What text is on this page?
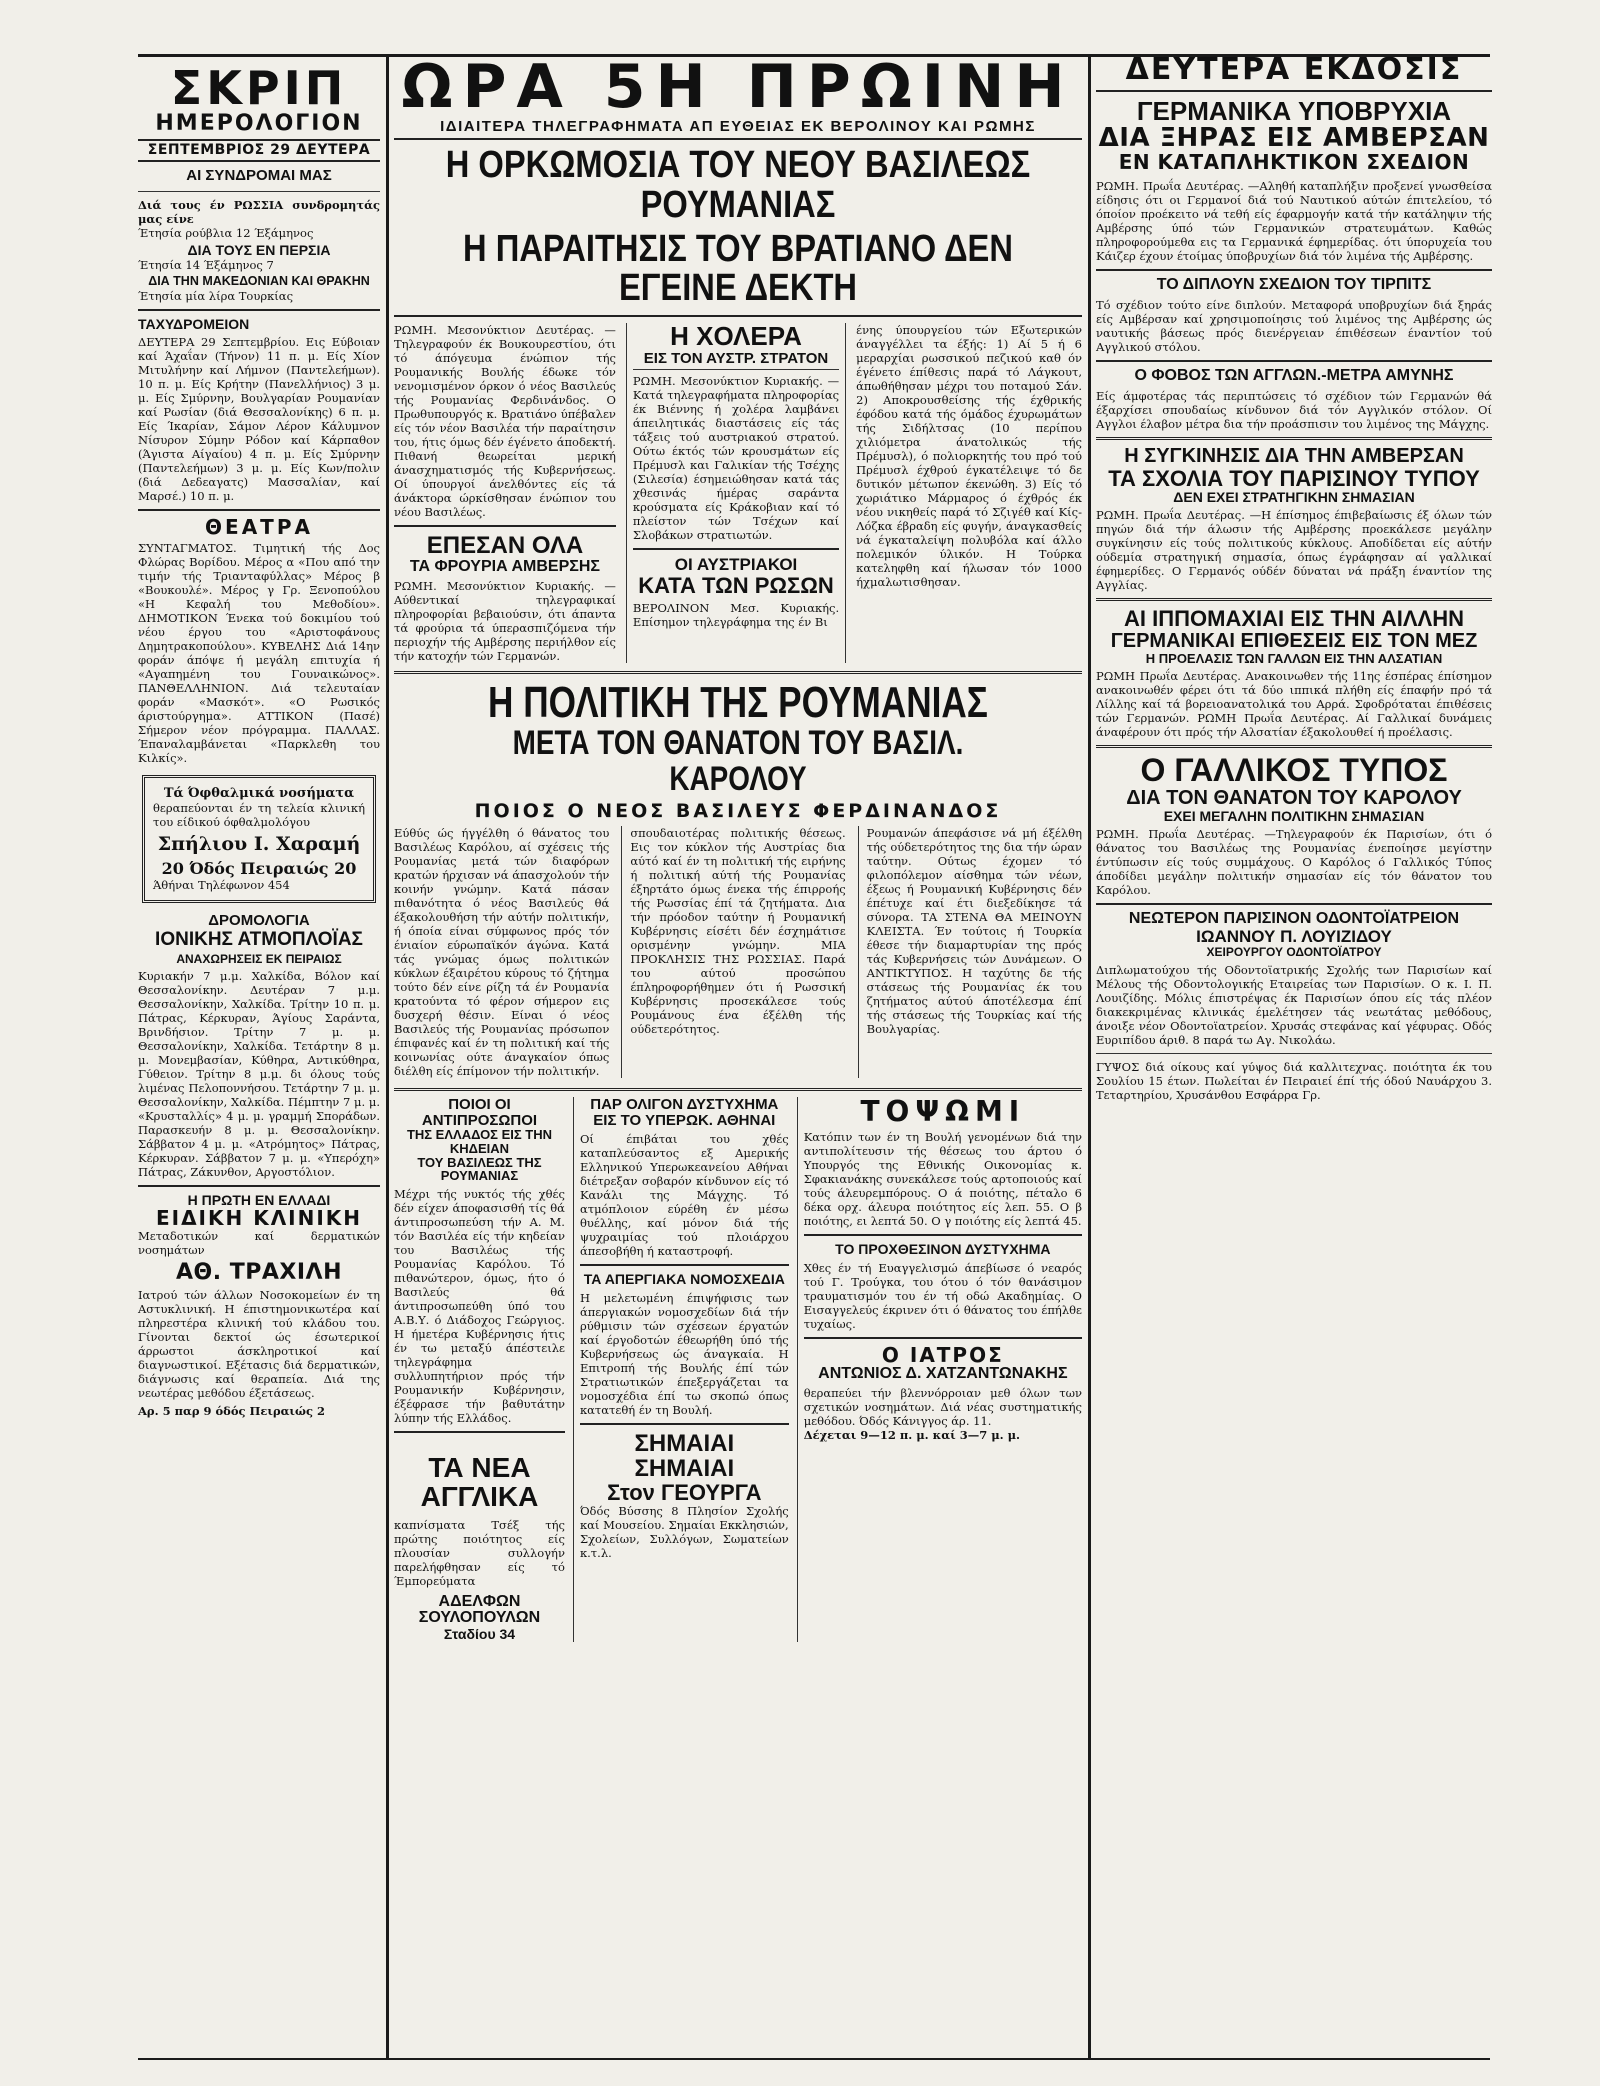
ΣΚΡΙΠ
ΗΜΕΡΟΛΟΓΙΟΝ
ΣΕΠΤΕΜΒΡΙΟΣ 29 ΔΕΥΤΕΡΑ
ΑΙ ΣΥΝΔΡΟΜΑΙ ΜΑΣ
Διά τους έν ΡΩΣΣΙΑ συνδρομητάς μας είνε
Έτησία ρούβλια 12 Έξάμηνος
ΔΙΑ ΤΟΥΣ ΕΝ ΠΕΡΣΙΑ
Έτησία 14 Έξάμηνος 7
ΔΙΑ ΤΗΝ ΜΑΚΕΔΟΝΙΑΝ ΚΑΙ ΘΡΑΚΗΝ
Έτησία μία λίρα Τουρκίας
ΤΑΧΥΔΡΟΜΕΙΟΝ

ΔΕΥΤΕΡΑ 29 Σεπτεμβρίου. Εις Εύβοιαν καί Άχαΐαν (Τήνον) 11 π. μ. Είς Χίον Μιτυλήνην καί Λήμνον (Παντελεήμων). 10 π. μ. Είς Κρήτην (Πανελλήνιος) 3 μ. μ. Είς Σμύρνην, Βουλγαρίαν Ρουμανίαν καί Ρωσίαν (διά Θεσσαλονίκης) 6 π. μ. Είς Ίκαρίαν, Σάμον Λέρον Κάλυμνον Νίσυρον Σύμην Ρόδον καί Κάρπαθον (Άγιστα Αίγαίου) 4 π. μ. Είς Σμύρνην (Παντελεήμων) 3 μ. μ. Είς Κων/πολιν (διά Δεδεαγατς) Μασσαλίαν, καί Μαρσέ.) 10 π. μ.

ΘΕΑΤΡΑ

ΣΥΝΤΑΓΜΑΤΟΣ. Τιμητική τής Δος Φλώρας Βορίδου. Μέρος α «Που από την τιμήν τής Τριανταφύλλας» Μέρος β «Βουκουλέ». Μέρος γ Γρ. Ξενοπούλου «Η Κεφαλή του Μεθοδίου». ΔΗΜΟΤΙΚΟΝ Ένεκα τού δοκιμίου τού νέου έργου του «Αριστοφάνους Δημητρακοπούλου». ΚΥΒΕΛΗΣ Διά 14ην φοράν άπόψε ή μεγάλη επιτυχία ή «Αγαπημένη του Γουναικώνος». ΠΑΝΘΕΛΛΗΝΙΟΝ. Διά τελευταίαν φοράν «Μασκότ». «Ο Ρωσικός άριστούργημα». ΑΤΤΙΚΟΝ (Πασέ) Σήμερον νέον πρόγραμμα. ΠΑΛΛΑΣ. Έπαναλαμβάνεται «Παρκλεθη του Κιλκίς».

Τά Όφθαλμικά νοσήματα
θεραπεύονται έν τη τελεία κλινική του είδικού όφθαλμολόγου
Σπήλιου Ι. Χαραμή
20 Όδός Πειραιώς 20
Άθήναι Τηλέφωνον 454
ΔΡΟΜΟΛΟΓΙΑ
ΙΟΝΙΚΗΣ ΑΤΜΟΠΛΟΪΑΣ
ΑΝΑΧΩΡΗΣΕΙΣ ΕΚ ΠΕΙΡΑΙΩΣ

Κυριακήν 7 μ.μ. Χαλκίδα, Βόλον καί Θεσσαλονίκην. Δευτέραν 7 μ.μ. Θεσσαλονίκην, Χαλκίδα. Τρίτην 10 π. μ. Πάτρας, Κέρκυραν, Άγίους Σαράντα, Βρινδήσιον. Τρίτην 7 μ. μ. Θεσσαλονίκην, Χαλκίδα. Τετάρτην 8 μ. μ. Μονεμβασίαν, Κύθηρα, Αντικύθηρα, Γύθειον. Τρίτην 8 μ.μ. δι όλους τούς λιμένας Πελοποννήσου. Τετάρτην 7 μ. μ. Θεσσαλονίκην, Χαλκίδα. Πέμπτην 7 μ. μ. «Κρυσταλλίς» 4 μ. μ. γραμμή Σποράδων. Παρασκευήν 8 μ. μ. Θεσσαλονίκην. Σάββατον 4 μ. μ. «Ατρόμητος» Πάτρας, Κέρκυραν. Σάββατον 7 μ. μ. «Υπερόχη» Πάτρας, Ζάκυνθον, Αργοστόλιον.

Η ΠΡΩΤΗ ΕΝ ΕΛΛΑΔΙ
ΕΙΔΙΚΗ ΚΛΙΝΙΚΗ
Μεταδοτικών καί δερματικών νοσημάτων
ΑΘ. ΤΡΑΧΙΛΗ

Ιατρού τών άλλων Νοσοκομείων έν τη Αστυκλινική. Η έπιστημονικωτέρα καί πληρεστέρα κλινική τού κλάδου του. Γίνονται δεκτοί ώς έσωτερικοί άρρωστοι άσκληροτικοί καί διαγνωστικοί. Εξέτασις διά δερματικών, διάγνωσις καί θεραπεία. Διά της νεωτέρας μεθόδου έξετάσεως.

Αρ. 5 παρ 9 όδός Πειραιώς 2
ΩΡΑ 5Η ΠΡΩΙΝΗ
ΙΔΙΑΙΤΕΡΑ ΤΗΛΕΓΡΑΦΗΜΑΤΑ ΑΠ ΕΥΘΕΙΑΣ ΕΚ ΒΕΡΟΛΙΝΟΥ ΚΑΙ ΡΩΜΗΣ
Η ΟΡΚΩΜΟΣΙΑ ΤΟΥ ΝΕΟΥ ΒΑΣΙΛΕΩΣ ΡΟΥΜΑΝΙΑΣ
Η ΠΑΡΑΙΤΗΣΙΣ ΤΟΥ ΒΡΑΤΙΑΝΟ ΔΕΝ ΕΓΕΙΝΕ ΔΕΚΤΗ

ΡΩΜΗ. Μεσονύκτιον Δευτέρας. —Τηλεγραφούν έκ Βουκουρεστίου, ότι τό άπόγευμα ένώπιον τής Ρουμανικής Βουλής έδωκε τόν νενομισμένον όρκον ό νέος Βασιλεύς τής Ρουμανίας Φερδινάνδος. Ο Πρωθυπουργός κ. Βρατιάνο ύπέβαλεν είς τόν νέον Βασιλέα τήν παραίτησιν του, ήτις όμως δέν έγένετο άποδεκτή. Πιθανή θεωρείται μερική άνασχηματισμός τής Κυβερνήσεως. Οί ύπουργοί άνελθόντες είς τά άνάκτορα ώρκίσθησαν ένώπιον του νέου Βασιλέως.

ΕΠΕΣΑΝ ΟΛΑ
ΤΑ ΦΡΟΥΡΙΑ ΑΜΒΕΡΣΗΣ

ΡΩΜΗ. Μεσονύκτιον Κυριακής. —Αύθεντικαί τηλεγραφικαί πληροφορίαι βεβαιούσιν, ότι άπαντα τά φρούρια τά ύπερασπιζόμενα τήν περιοχήν τής Αμβέρσης περιήλθον είς τήν κατοχήν τών Γερμανών.

Η ΧΟΛΕΡΑ
ΕΙΣ ΤΟΝ ΑΥΣΤΡ. ΣΤΡΑΤΟΝ

ΡΩΜΗ. Μεσονύκτιον Κυριακής. —Κατά τηλεγραφήματα πληροφορίας έκ Βιέννης ή χολέρα λαμβάνει άπειλητικάς διαστάσεις είς τάς τάξεις τού αυστριακού στρατού. Ούτω έκτός τών κρουσμάτων είς Πρέμυσλ και Γαλικίαν τής Τσέχης (Σιλεσία) έσημειώθησαν κατά τάς χθεσινάς ήμέρας σαράντα κρούσματα είς Κράκοβιαν καί τό πλείστον τών Τσέχων καί Σλοβάκων στρατιωτών.

ΟΙ ΑΥΣΤΡΙΑΚΟΙ
ΚΑΤΑ ΤΩΝ ΡΩΣΩΝ

ΒΕΡΟΛΙΝΟΝ Μεσ. Κυριακής. Επίσημον τηλεγράφημα της έν Βι

ένης ύπουργείου τών Εξωτερικών άναγγέλλει τα έξής: 1) Αί 5 ή 6 μεραρχίαι ρωσσικού πεζικού καθ όν έγένετο έπίθεσις παρά τό Λάγκουτ, άπωθήθησαν μέχρι του ποταμού Σάν. 2) Αποκρουσθείσης τής έχθρικής έφόδου κατά τής όμάδος έχυρωμάτων τής Σιδήλτσας (10 περίπου χιλιόμετρα άνατολικώς τής Πρέμυσλ), ό πολιορκητής του πρό τού Πρέμυσλ έχθρού έγκατέλειψε τό δε δυτικόν μέτωπον έκενώθη. 3) Είς τό χωριάτικο Μάρμαρος ό έχθρός έκ νέου νικηθείς παρά τό Σζιγέθ καί Κίς-Λόζκα έβραδη είς φυγήν, άναγκασθείς νά έγκαταλείψη πολυβόλα καί άλλο πολεμικόν ύλικόν. Η Τούρκα κατεληφθη καί ήλωσαν τόν 1000 ήχμαλωτισθησαν.

Η ΠΟΛΙΤΙΚΗ ΤΗΣ ΡΟΥΜΑΝΙΑΣ
ΜΕΤΑ ΤΟΝ ΘΑΝΑΤΟΝ ΤΟΥ ΒΑΣΙΛ. ΚΑΡΟΛΟΥ
ΠΟΙΟΣ Ο ΝΕΟΣ ΒΑΣΙΛΕΥΣ ΦΕΡΔΙΝΑΝΔΟΣ

Εύθύς ώς ήγγέλθη ό θάνατος του Βασιλέως Καρόλου, αί σχέσεις τής Ρουμανίας μετά τών διαφόρων κρατών ήρχισαν νά άπασχολούν τήν κοινήν γνώμην. Κατά πάσαν πιθανότητα ό νέος Βασιλεύς θά έξακολουθήση τήν αύτήν πολιτικήν, ή όποία είναι σύμφωνος πρός τόν ένιαίον εύρωπαϊκόν άγώνα. Κατά τάς γνώμας όμως πολιτικών κύκλων έξαιρέτου κύρους τό ζήτημα τούτο δέν είνε ρίζη τά έν Ρουμανία κρατούντα τό φέρον σήμερον εις δυσχερή θέσιν. Είναι ό νέος Βασιλεύς τής Ρουμανίας πρόσωπον έπιφανές καί έν τη πολιτική καί τής κοινωνίας ούτε άναγκαίον όπως διέλθη είς έπίμονον τήν πολιτικήν.

σπουδαιοτέρας πολιτικής θέσεως. Εις τον κύκλον τής Αυστρίας δια αύτό καί έν τη πολιτική τής ειρήνης ή πολιτική αύτή τής Ρουμανίας έξηρτάτο όμως ένεκα τής έπιρροής τής Ρωσσίας έπί τά ζητήματα. Δια τήν πρόοδον ταύτην ή Ρουμανική Κυβέρνησις είσέτι δέν έσχημάτισε ορισμένην γνώμην. ΜΙΑ ΠΡΟΚΛΗΣΙΣ ΤΗΣ ΡΩΣΣΙΑΣ. Παρά του αύτού προσώπου έπληροφορήθημεν ότι ή Ρωσσική Κυβέρνησις προσεκάλεσε τούς Ρουμάνους ένα έξέλθη τής ούδετερότητος.

Ρουμανών άπεφάσισε νά μή έξέλθη τής ούδετερότητος της δια τήν ώραν ταύτην. Ούτως έχομεν τό φιλοπόλεμον αίσθημα τών νέων, έξεως ή Ρουμανική Κυβέρνησις δέν έπέτυχε καί έτι διεξεδίκησε τά σύνορα. ΤΑ ΣΤΕΝΑ ΘΑ ΜΕΙΝΟΥΝ ΚΛΕΙΣΤΑ. Έν τούτοις ή Τουρκία έθεσε τήν διαμαρτυρίαν της πρός τάς Κυβερνήσεις τών Δυνάμεων. Ο ΑΝΤΙΚΤΥΠΟΣ. Η ταχύτης δε τής στάσεως τής Ρουμανίας έκ του ζητήματος αύτού άποτέλεσμα έπί τής στάσεως τής Τουρκίας καί τής Βουλγαρίας.

ΠΟΙΟΙ ΟΙ ΑΝΤΙΠΡΟΣΩΠΟΙ
ΤΗΣ ΕΛΛΑΔΟΣ ΕΙΣ ΤΗΝ ΚΗΔΕΙΑΝ
ΤΟΥ ΒΑΣΙΛΕΩΣ ΤΗΣ ΡΟΥΜΑΝΙΑΣ

Μέχρι τής νυκτός τής χθές δέν είχεν άποφασισθή τίς θά άντιπροσωπεύση τήν Α. Μ. τόν Βασιλέα είς τήν κηδείαν του Βασιλέως τής Ρουμανίας Καρόλου. Τό πιθανώτερον, όμως, ήτο ό Βασιλεύς θά άντιπροσωπεύθη ύπό του Α.Β.Υ. ό Διάδοχος Γεώργιος. Η ήμετέρα Κυβέρνησις ήτις έν τω μεταξύ άπέστειλε τηλεγράφημα συλλυπητήριον πρός τήν Ρουμανικήν Κυβέρνησιν, έξέφρασε τήν βαθυτάτην λύπην τής Ελλάδος.

ΤΑ ΝΕΑ ΑΓΓΛΙΚΑ
καπνίσματα Τσέξ τής πρώτης ποιότητος είς πλουσίαν συλλογήν παρελήφθησαν είς τό Έμπορεύματα
ΑΔΕΛΦΩΝ ΣΟΥΛΟΠΟΥΛΩΝ
Σταδίου 34
ΠΑΡ ΟΛΙΓΟΝ ΔΥΣΤΥΧΗΜΑ
ΕΙΣ ΤΟ ΥΠΕΡΩΚ. ΑΘΗΝΑΙ

Οί έπιβάται του χθές καταπλεύσαντος εξ Αμερικής Ελληνικού Υπερωκεανείου Αθήναι διέτρεξαν σοβαρόν κίνδυνον είς τό Κανάλι της Μάγχης. Τό ατμόπλοιον εύρέθη έν μέσω θυέλλης, καί μόνον διά τής ψυχραιμίας τού πλοιάρχου άπεσοβήθη ή καταστροφή.

ΤΑ ΑΠΕΡΓΙΑΚΑ ΝΟΜΟΣΧΕΔΙΑ

Η μελετωμένη έπιψήφισις των άπεργιακών νομοσχεδίων διά τήν ρύθμισιν τών σχέσεων έργατών καί έργοδοτών έθεωρήθη ύπό τής Κυβερνήσεως ώς άναγκαία. Η Επιτροπή τής Βουλής έπί τών Στρατιωτικών έπεξεργάζεται τα νομοσχέδια έπί τω σκοπώ όπως κατατεθή έν τη Βουλή.

ΣΗΜΑΙΑΙ
ΣΗΜΑΙΑΙ
Στον ΓΕΟΥΡΓΑ

Όδός Βύσσης 8 Πλησίον Σχολής καί Μουσείου. Σημαίαι Εκκλησιών, Σχολείων, Συλλόγων, Σωματείων κ.τ.λ.

ΤΟΨΩΜΙ

Κατόπιν των έν τη Βουλή γενομένων διά την αντιπολίτευσιν τής θέσεως του άρτου ό Υπουργός της Εθνικής Οικονομίας κ. Σφακιανάκης συνεκάλεσε τούς αρτοποιούς καί τούς άλευρεμπόρους. Ο ά ποιότης, πέταλο 6 δέκα ορχ. άλευρα ποιότητος είς λεπ. 55. Ο β ποιότης, ει λεπτά 50. Ο γ ποιότης είς λεπτά 45.

ΤΟ ΠΡΟΧΘΕΣΙΝΟΝ ΔΥΣΤΥΧΗΜΑ

Χθες έν τή Ευαγγελισμώ άπεβίωσε ό νεαρός τού Γ. Τρούγκα, του ότου ό τόν θανάσιμον τραυματισμόν του έν τή οδώ Ακαδημίας. Ο Εισαγγελεύς έκρινεν ότι ό θάνατος του έπήλθε τυχαίως.

Ο ΙΑΤΡΟΣ
ΑΝΤΩΝΙΟΣ Δ. ΧΑΤΖΑΝΤΩΝΑΚΗΣ

θεραπεύει τήν βλεννόρροιαν μεθ όλων των σχετικών νοσημάτων. Διά νέας συστηματικής μεθόδου. Όδός Κάνιγγος άρ. 11.

Δέχεται 9—12 π. μ. καί 3—7 μ. μ.
ΔΕΥΤΕΡΑ ΕΚΔΟΣΙΣ
ΓΕΡΜΑΝΙΚΑ ΥΠΟΒΡΥΧΙΑ
ΔΙΑ ΞΗΡΑΣ ΕΙΣ ΑΜΒΕΡΣΑΝ
ΕΝ ΚΑΤΑΠΛΗΚΤΙΚΟΝ ΣΧΕΔΙΟΝ

ΡΩΜΗ. Πρωΐα Δευτέρας. —Αληθή καταπλήξιν προξενεί γνωσθείσα είδησις ότι οι Γερμανοί διά τού Ναυτικού αύτών έπιτελείου, τό όποίον προέκειτο νά τεθή είς έφαρμογήν κατά τήν κατάληψιν τής Αμβέρσης ύπό τών Γερμανικών στρατευμάτων. Καθώς πληροφορούμεθα εις τα Γερμανικά έφημερίδας. ότι ύπορυχεία του Κάιζερ έχουν έτοίμας ύποβρυχίων διά τόν λιμένα τής Αμβέρσης.

ΤΟ ΔΙΠΛΟΥΝ ΣΧΕΔΙΟΝ ΤΟΥ ΤΙΡΠΙΤΣ

Τό σχέδιον τούτο είνε διπλούν. Μεταφορά υποβρυχίων διά ξηράς είς Αμβέρσαν καί χρησιμοποίησις τού λιμένος της Αμβέρσης ώς ναυτικής βάσεως πρός διενέργειαν έπιθέσεων έναντίον τού Αγγλικού στόλου.

Ο ΦΟΒΟΣ ΤΩΝ ΑΓΓΛΩΝ.-ΜΕΤΡΑ ΑΜΥΝΗΣ

Είς άμφοτέρας τάς περιπτώσεις τό σχέδιον τών Γερμανών θά έξαρχίσει σπουδαίως κίνδυνον διά τόν Αγγλικόν στόλον. Οί Αγγλοι έλαβον μέτρα δια τήν προάσπισιν του λιμένος της Μάγχης.

Η ΣΥΓΚΙΝΗΣΙΣ ΔΙΑ ΤΗΝ ΑΜΒΕΡΣΑΝ
ΤΑ ΣΧΟΛΙΑ ΤΟΥ ΠΑΡΙΣΙΝΟΥ ΤΥΠΟΥ
ΔΕΝ ΕΧΕΙ ΣΤΡΑΤΗΓΙΚΗΝ ΣΗΜΑΣΙΑΝ

ΡΩΜΗ. Πρωΐα Δευτέρας. —Η έπίσημος έπιβεβαίωσις έξ όλων τών πηγών διά τήν άλωσιν τής Αμβέρσης προεκάλεσε μεγάλην συγκίνησιν είς τούς πολιτικούς κύκλους. Αποδίδεται είς αύτήν ούδεμία στρατηγική σημασία, όπως έγράφησαν αί γαλλικαί έφημερίδες. Ο Γερμανός ούδέν δύναται νά πράξη έναντίον της Αγγλίας.

ΑΙ ΙΠΠΟΜΑΧΙΑΙ ΕΙΣ ΤΗΝ ΑΙΛΛΗΝ
ΓΕΡΜΑΝΙΚΑΙ ΕΠΙΘΕΣΕΙΣ ΕΙΣ ΤΟΝ ΜΕΖ
Η ΠΡΟΕΛΑΣΙΣ ΤΩΝ ΓΑΛΛΩΝ ΕΙΣ ΤΗΝ ΑΛΣΑΤΙΑΝ

ΡΩΜΗ Πρωΐα Δευτέρας. Ανακοινωθεν τής 11ης έσπέρας έπίσημον ανακοινωθέν φέρει ότι τά δύο ιππικά πλήθη είς έπαφήν πρό τά Λίλλης καί τά βορειοανατολικά του Αρρά. Σφοδρόταται έπιθέσεις τών Γερμανών. ΡΩΜΗ Πρωΐα Δευτέρας. Αί Γαλλικαί δυνάμεις άναφέρουν ότι πρός τήν Αλσατίαν έξακολουθεί ή προέλασις.

Ο ΓΑΛΛΙΚΟΣ ΤΥΠΟΣ
ΔΙΑ ΤΟΝ ΘΑΝΑΤΟΝ ΤΟΥ ΚΑΡΟΛΟΥ
ΕΧΕΙ ΜΕΓΑΛΗΝ ΠΟΛΙΤΙΚΗΝ ΣΗΜΑΣΙΑΝ

ΡΩΜΗ. Πρωΐα Δευτέρας. —Τηλεγραφούν έκ Παρισίων, ότι ό θάνατος του Βασιλέως της Ρουμανίας ένεποίησε μεγίστην έντύπωσιν είς τούς συμμάχους. Ο Καρόλος ό Γαλλικός Τύπος άποδίδει μεγάλην πολιτικήν σημασίαν είς τόν θάνατον του Καρόλου.

ΝΕΩΤΕΡΟΝ ΠΑΡΙΣΙΝΟΝ ΟΔΟΝΤΟΪΑΤΡΕΙΟΝ
ΙΩΑΝΝΟΥ Π. ΛΟΥΙΖΙΔΟΥ
ΧΕΙΡΟΥΡΓΟΥ ΟΔΟΝΤΟΪΑΤΡΟΥ

Διπλωματούχου τής Οδοντοϊατρικής Σχολής των Παρισίων καί Μέλους τής Οδοντολογικής Εταιρείας των Παρισίων. Ο κ. Ι. Π. Λουιζίδης. Μόλις έπιστρέψας έκ Παρισίων όπου είς τάς πλέον διακεκριμένας κλινικάς έμελέτησεν τάς νεωτάτας μεθόδους, άνοιξε νέον Οδοντοϊατρείον. Χρυσάς στεφάνας καί γέφυρας. Οδός Ευριπίδου άριθ. 8 παρά τω Αγ. Νικολάω.

ΓΥΨΟΣ διά οίκους καί γύψος διά καλλιτεχνας. ποιότητα έκ του Σουλίου 15 έτων. Πωλείται έν Πειραιεί έπί τής όδού Ναυάρχου 3. Τεταρτηρίου, Χρυσάνθου Εσφάρρα Γρ.
